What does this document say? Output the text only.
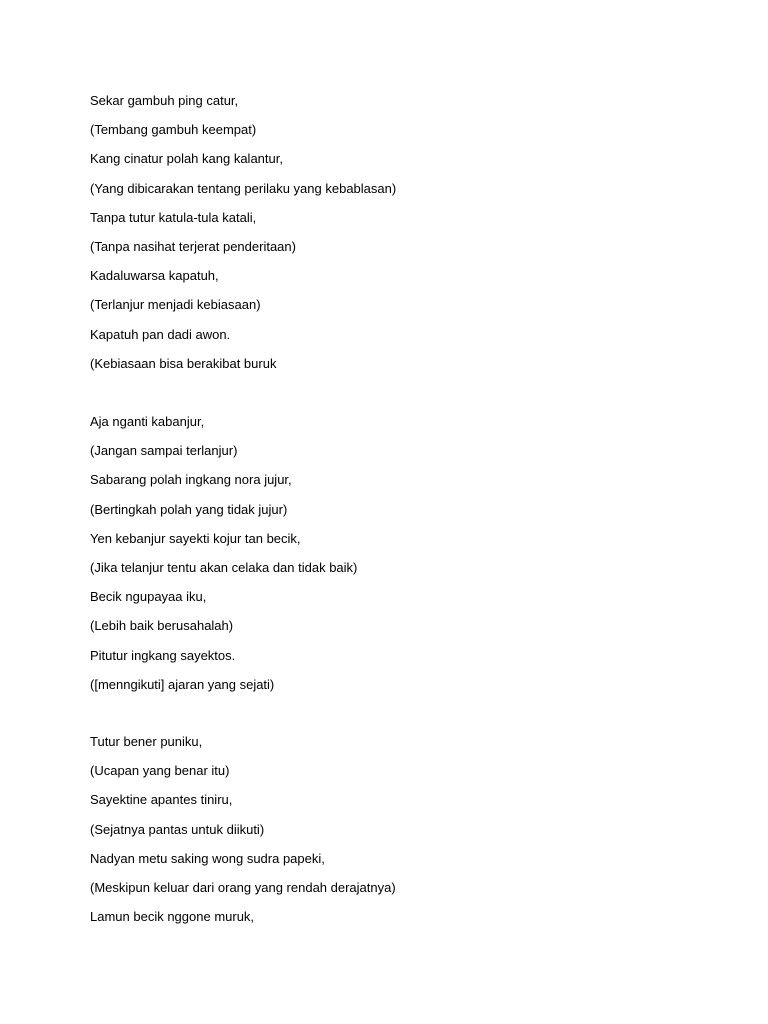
Sekar gambuh ping catur,
(Tembang gambuh keempat)
Kang cinatur polah kang kalantur,
(Yang dibicarakan tentang perilaku yang kebablasan)
Tanpa tutur katula-tula katali,
(Tanpa nasihat terjerat penderitaan)
Kadaluwarsa kapatuh,
(Terlanjur menjadi kebiasaan)
Kapatuh pan dadi awon.
(Kebiasaan bisa berakibat buruk
Aja nganti kabanjur,
(Jangan sampai terlanjur)
Sabarang polah ingkang nora jujur,
(Bertingkah polah yang tidak jujur)
Yen kebanjur sayekti kojur tan becik,
(Jika telanjur tentu akan celaka dan tidak baik)
Becik ngupayaa iku,
(Lebih baik berusahalah)
Pitutur ingkang sayektos.
([menngikuti] ajaran yang sejati)
Tutur bener puniku,
(Ucapan yang benar itu)
Sayektine apantes tiniru,
(Sejatnya pantas untuk diikuti)
Nadyan metu saking wong sudra papeki,
(Meskipun keluar dari orang yang rendah derajatnya)
Lamun becik nggone muruk,
